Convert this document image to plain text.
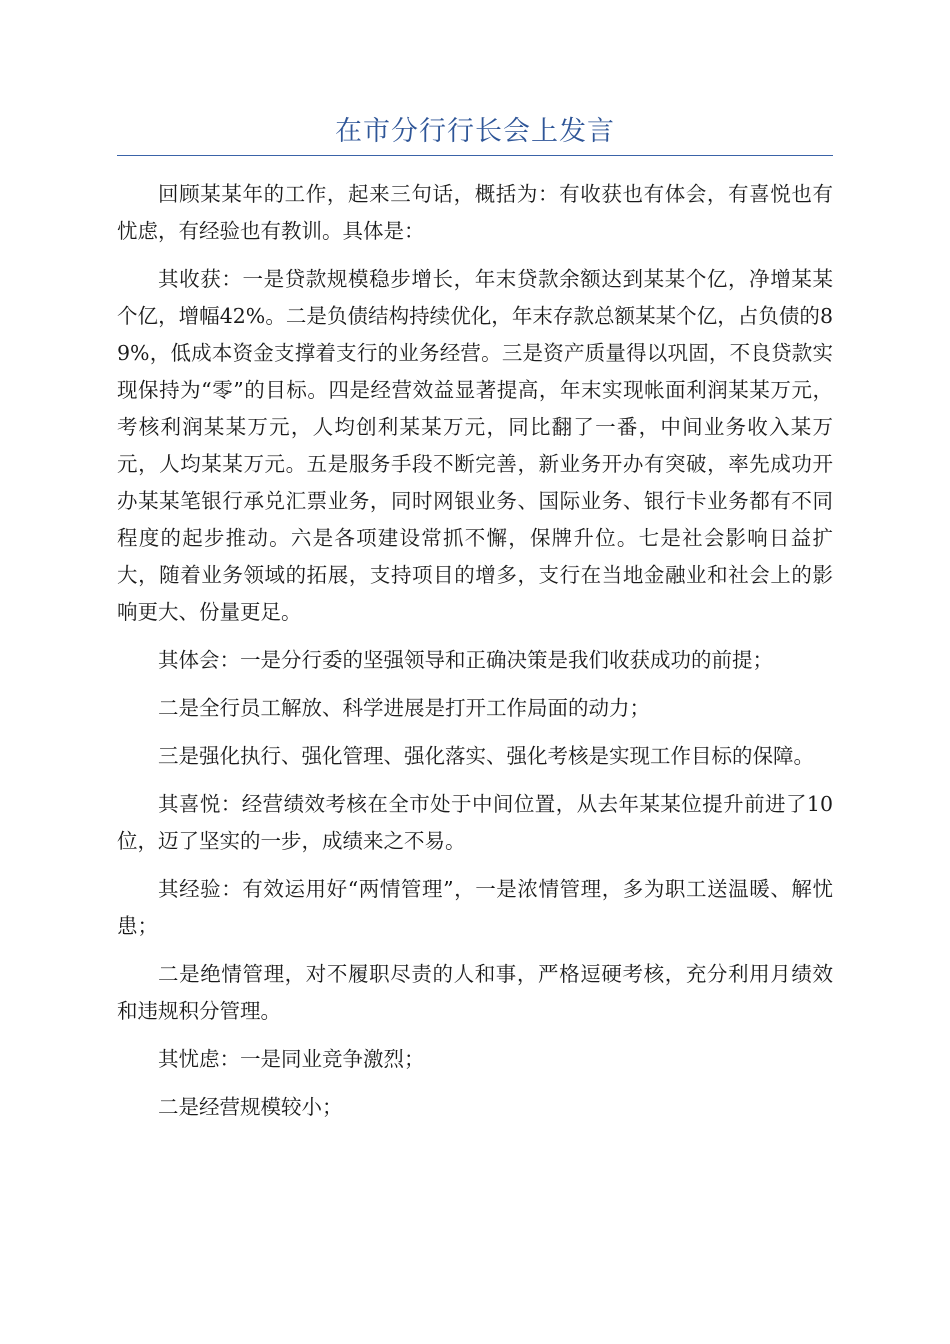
在市分行行长会上发言

回顾某某年的工作，起来三句话，概括为：有收获也有体会，有喜悦也有忧虑，有经验也有教训。具体是：

其收获：一是贷款规模稳步增长，年末贷款余额达到某某个亿，净增某某个亿，增幅42%。二是负债结构持续优化，年末存款总额某某个亿，占负债的89%，低成本资金支撑着支行的业务经营。三是资产质量得以巩固，不良贷款实现保持为“零”的目标。四是经营效益显著提高，年末实现帐面利润某某万元，考核利润某某万元，人均创利某某万元，同比翻了一番，中间业务收入某万元，人均某某万元。五是服务手段不断完善，新业务开办有突破，率先成功开办某某笔银行承兑汇票业务，同时网银业务、国际业务、银行卡业务都有不同程度的起步推动。六是各项建设常抓不懈，保牌升位。七是社会影响日益扩大，随着业务领域的拓展，支持项目的增多，支行在当地金融业和社会上的影响更大、份量更足。

其体会：一是分行委的坚强领导和正确决策是我们收获成功的前提；

二是全行员工解放、科学进展是打开工作局面的动力；

三是强化执行、强化管理、强化落实、强化考核是实现工作目标的保障。

其喜悦：经营绩效考核在全市处于中间位置，从去年某某位提升前进了10位，迈了坚实的一步，成绩来之不易。

其经验：有效运用好“两情管理”，一是浓情管理，多为职工送温暖、解忧患；

二是绝情管理，对不履职尽责的人和事，严格逗硬考核，充分利用月绩效和违规积分管理。

其忧虑：一是同业竞争激烈；

二是经营规模较小；
